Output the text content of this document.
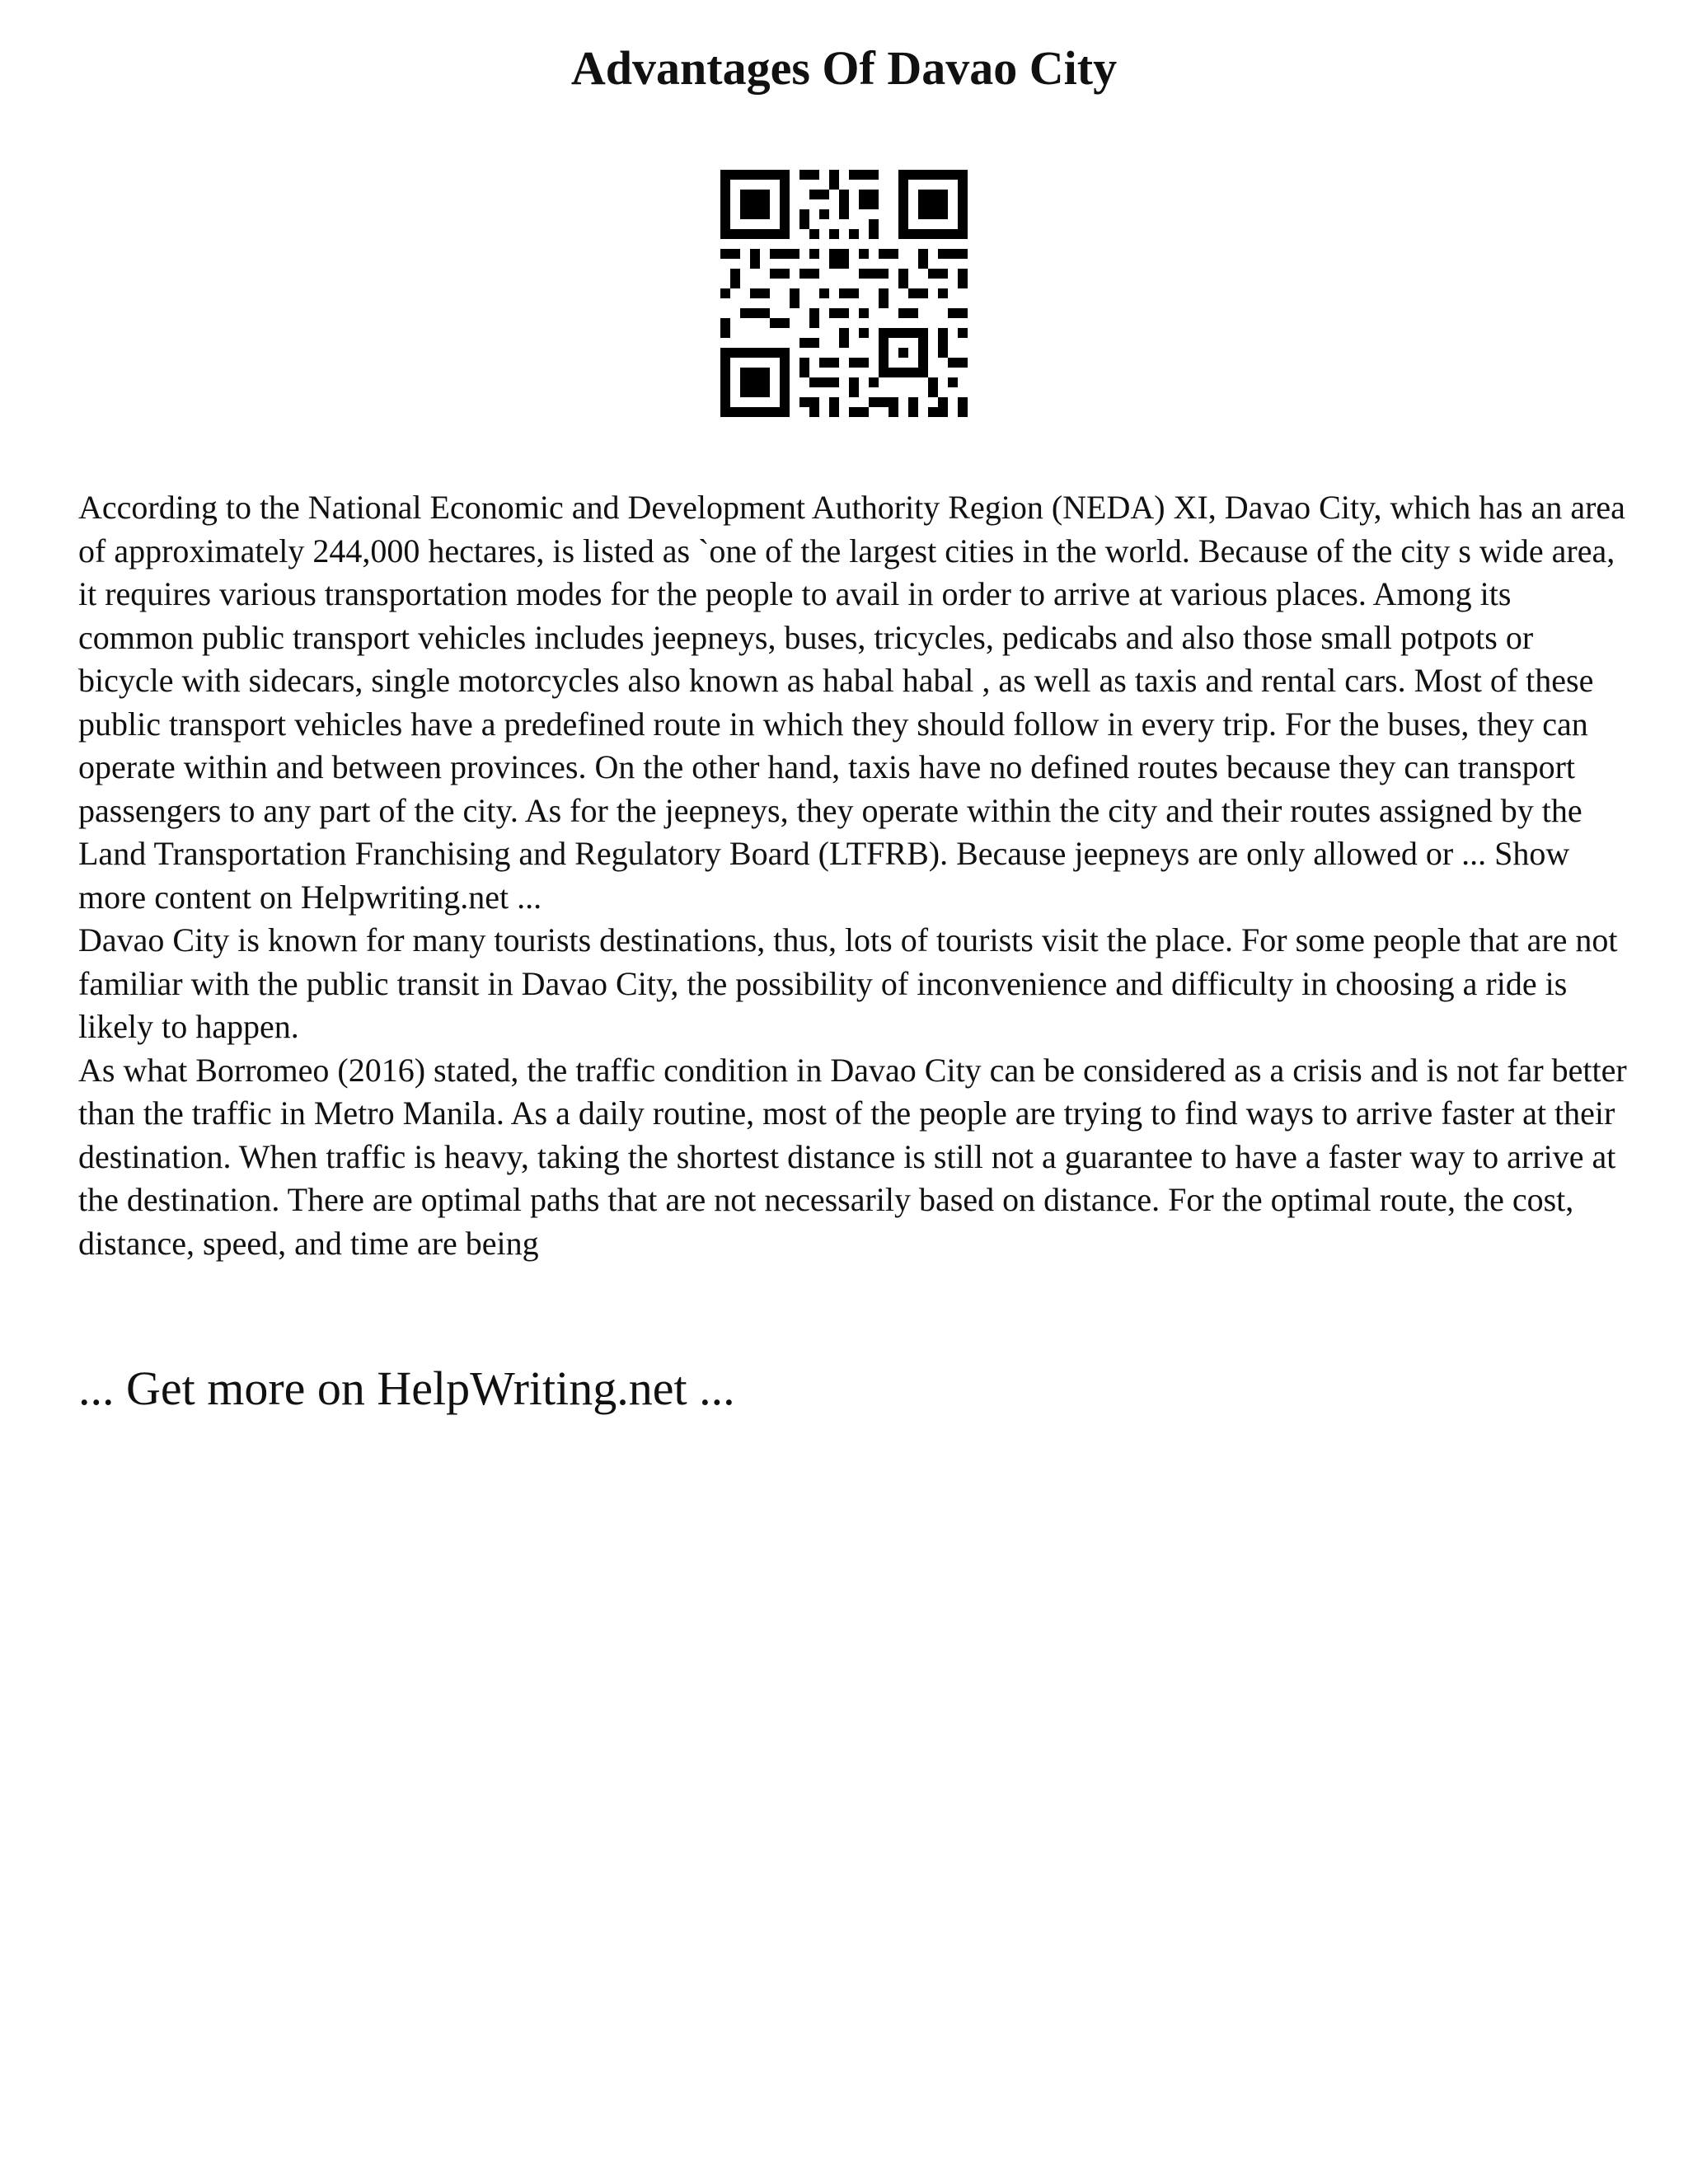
Advantages Of Davao City

According to the National Economic and Development Authority Region (NEDA) XI, Davao City, which has an area of approximately 244,000 hectares, is listed as `one of the largest cities in the world. Because of the city s wide area, it requires various transportation modes for the people to avail in order to arrive at various places. Among its common public transport vehicles includes jeepneys, buses, tricycles, pedicabs and also those small potpots or bicycle with sidecars, single motorcycles also known as habal habal , as well as taxis and rental cars. Most of these public transport vehicles have a predefined route in which they should follow in every trip. For the buses, they can operate within and between provinces. On the other hand, taxis have no defined routes because they can transport passengers to any part of the city. As for the jeepneys, they operate within the city and their routes assigned by the Land Transportation Franchising and Regulatory Board (LTFRB). Because jeepneys are only allowed or ... Show more content on Helpwriting.net ...

Davao City is known for many tourists destinations, thus, lots of tourists visit the place. For some people that are not familiar with the public transit in Davao City, the possibility of inconvenience and difficulty in choosing a ride is likely to happen.

As what Borromeo (2016) stated, the traffic condition in Davao City can be considered as a crisis and is not far better than the traffic in Metro Manila. As a daily routine, most of the people are trying to find ways to arrive faster at their destination. When traffic is heavy, taking the shortest distance is still not a guarantee to have a faster way to arrive at the destination. There are optimal paths that are not necessarily based on distance. For the optimal route, the cost, distance, speed, and time are being

... Get more on HelpWriting.net ...
